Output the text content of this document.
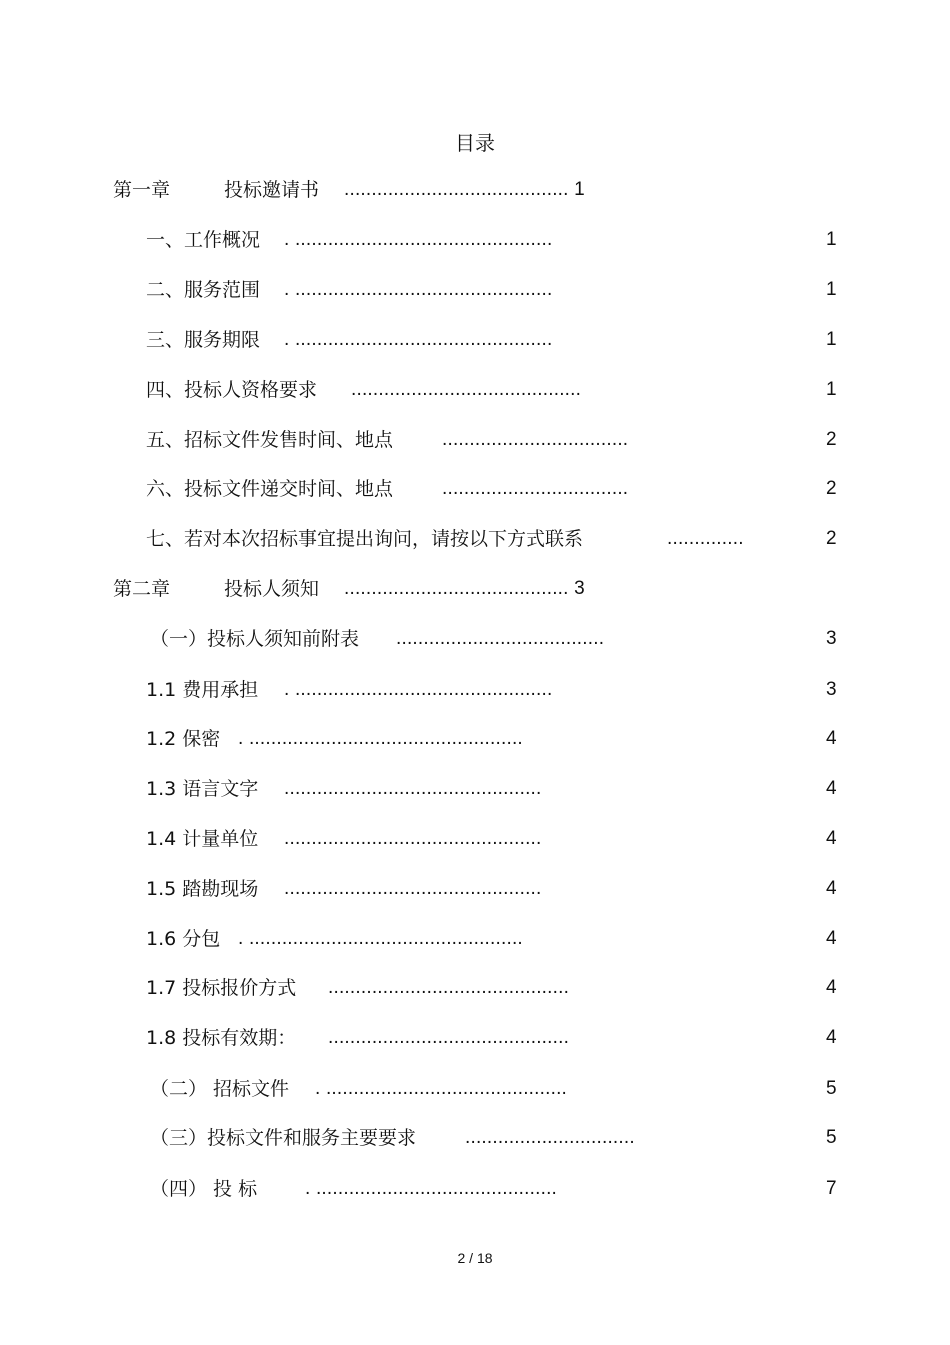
目录
第一章	投标邀请书 ......................................... 1
一、工作概况 . ...............................................	1
二、服务范围 . ...............................................	1
三、服务期限 . ...............................................	1
四、投标人资格要求 ..........................................	1
五、招标文件发售时间、地点	..................................	2
六、投标文件递交时间、地点	..................................	2
七、若对本次招标事宜提出询问，请按以下方式联系	..............	2
第二章	投标人须知 ......................................... 3
（一）投标人须知前附表 ......................................	3
1.1 费用承担 . ...............................................	3
1.2 保密 . ..................................................	4
1.3 语言文字 ...............................................	4
1.4 计量单位 ...............................................	4
1.5 踏勘现场 ...............................................	4
1.6 分包 . ..................................................	4
1.7 投标报价方式 ............................................	4
1.8 投标有效期： ............................................	4
（二） 招标文件 . ............................................	5
（三）投标文件和服务主要要求	...............................	5
（四） 投 标	. ............................................	7
2 / 18
